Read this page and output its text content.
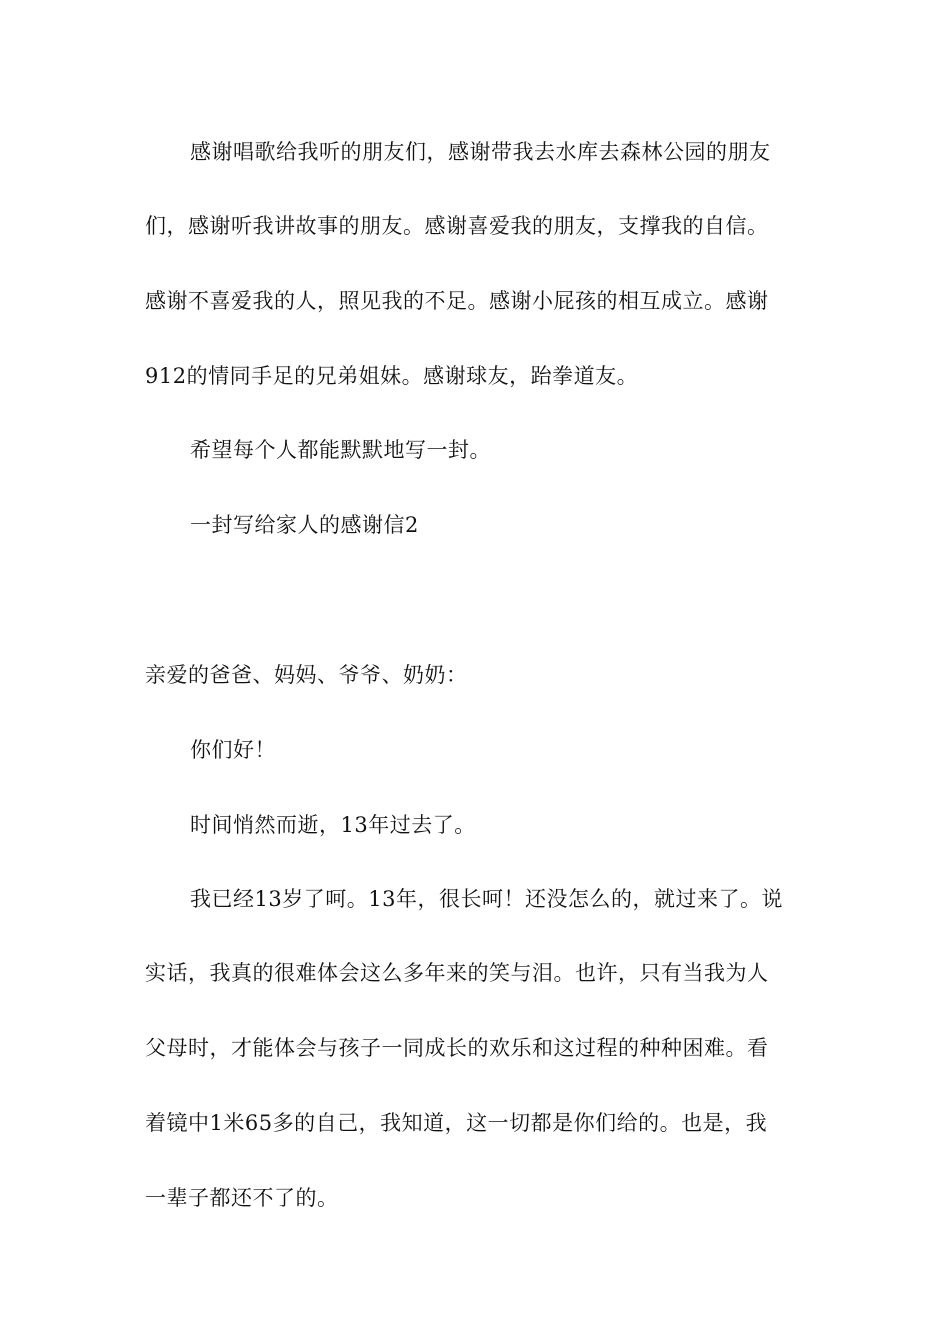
感谢唱歌给我听的朋友们，感谢带我去水库去森林公园的朋友
们，感谢听我讲故事的朋友。感谢喜爱我的朋友，支撑我的自信。
感谢不喜爱我的人，照见我的不足。感谢小屁孩的相互成立。感谢
912的情同手足的兄弟姐妹。感谢球友，跆拳道友。
希望每个人都能默默地写一封。
一封写给家人的感谢信2
亲爱的爸爸、妈妈、爷爷、奶奶：
你们好！
时间悄然而逝，13年过去了。
我已经13岁了呵。13年，很长呵！还没怎么的，就过来了。说
实话，我真的很难体会这么多年来的笑与泪。也许，只有当我为人
父母时，才能体会与孩子一同成长的欢乐和这过程的种种困难。看
着镜中1米65多的自己，我知道，这一切都是你们给的。也是，我
一辈子都还不了的。
